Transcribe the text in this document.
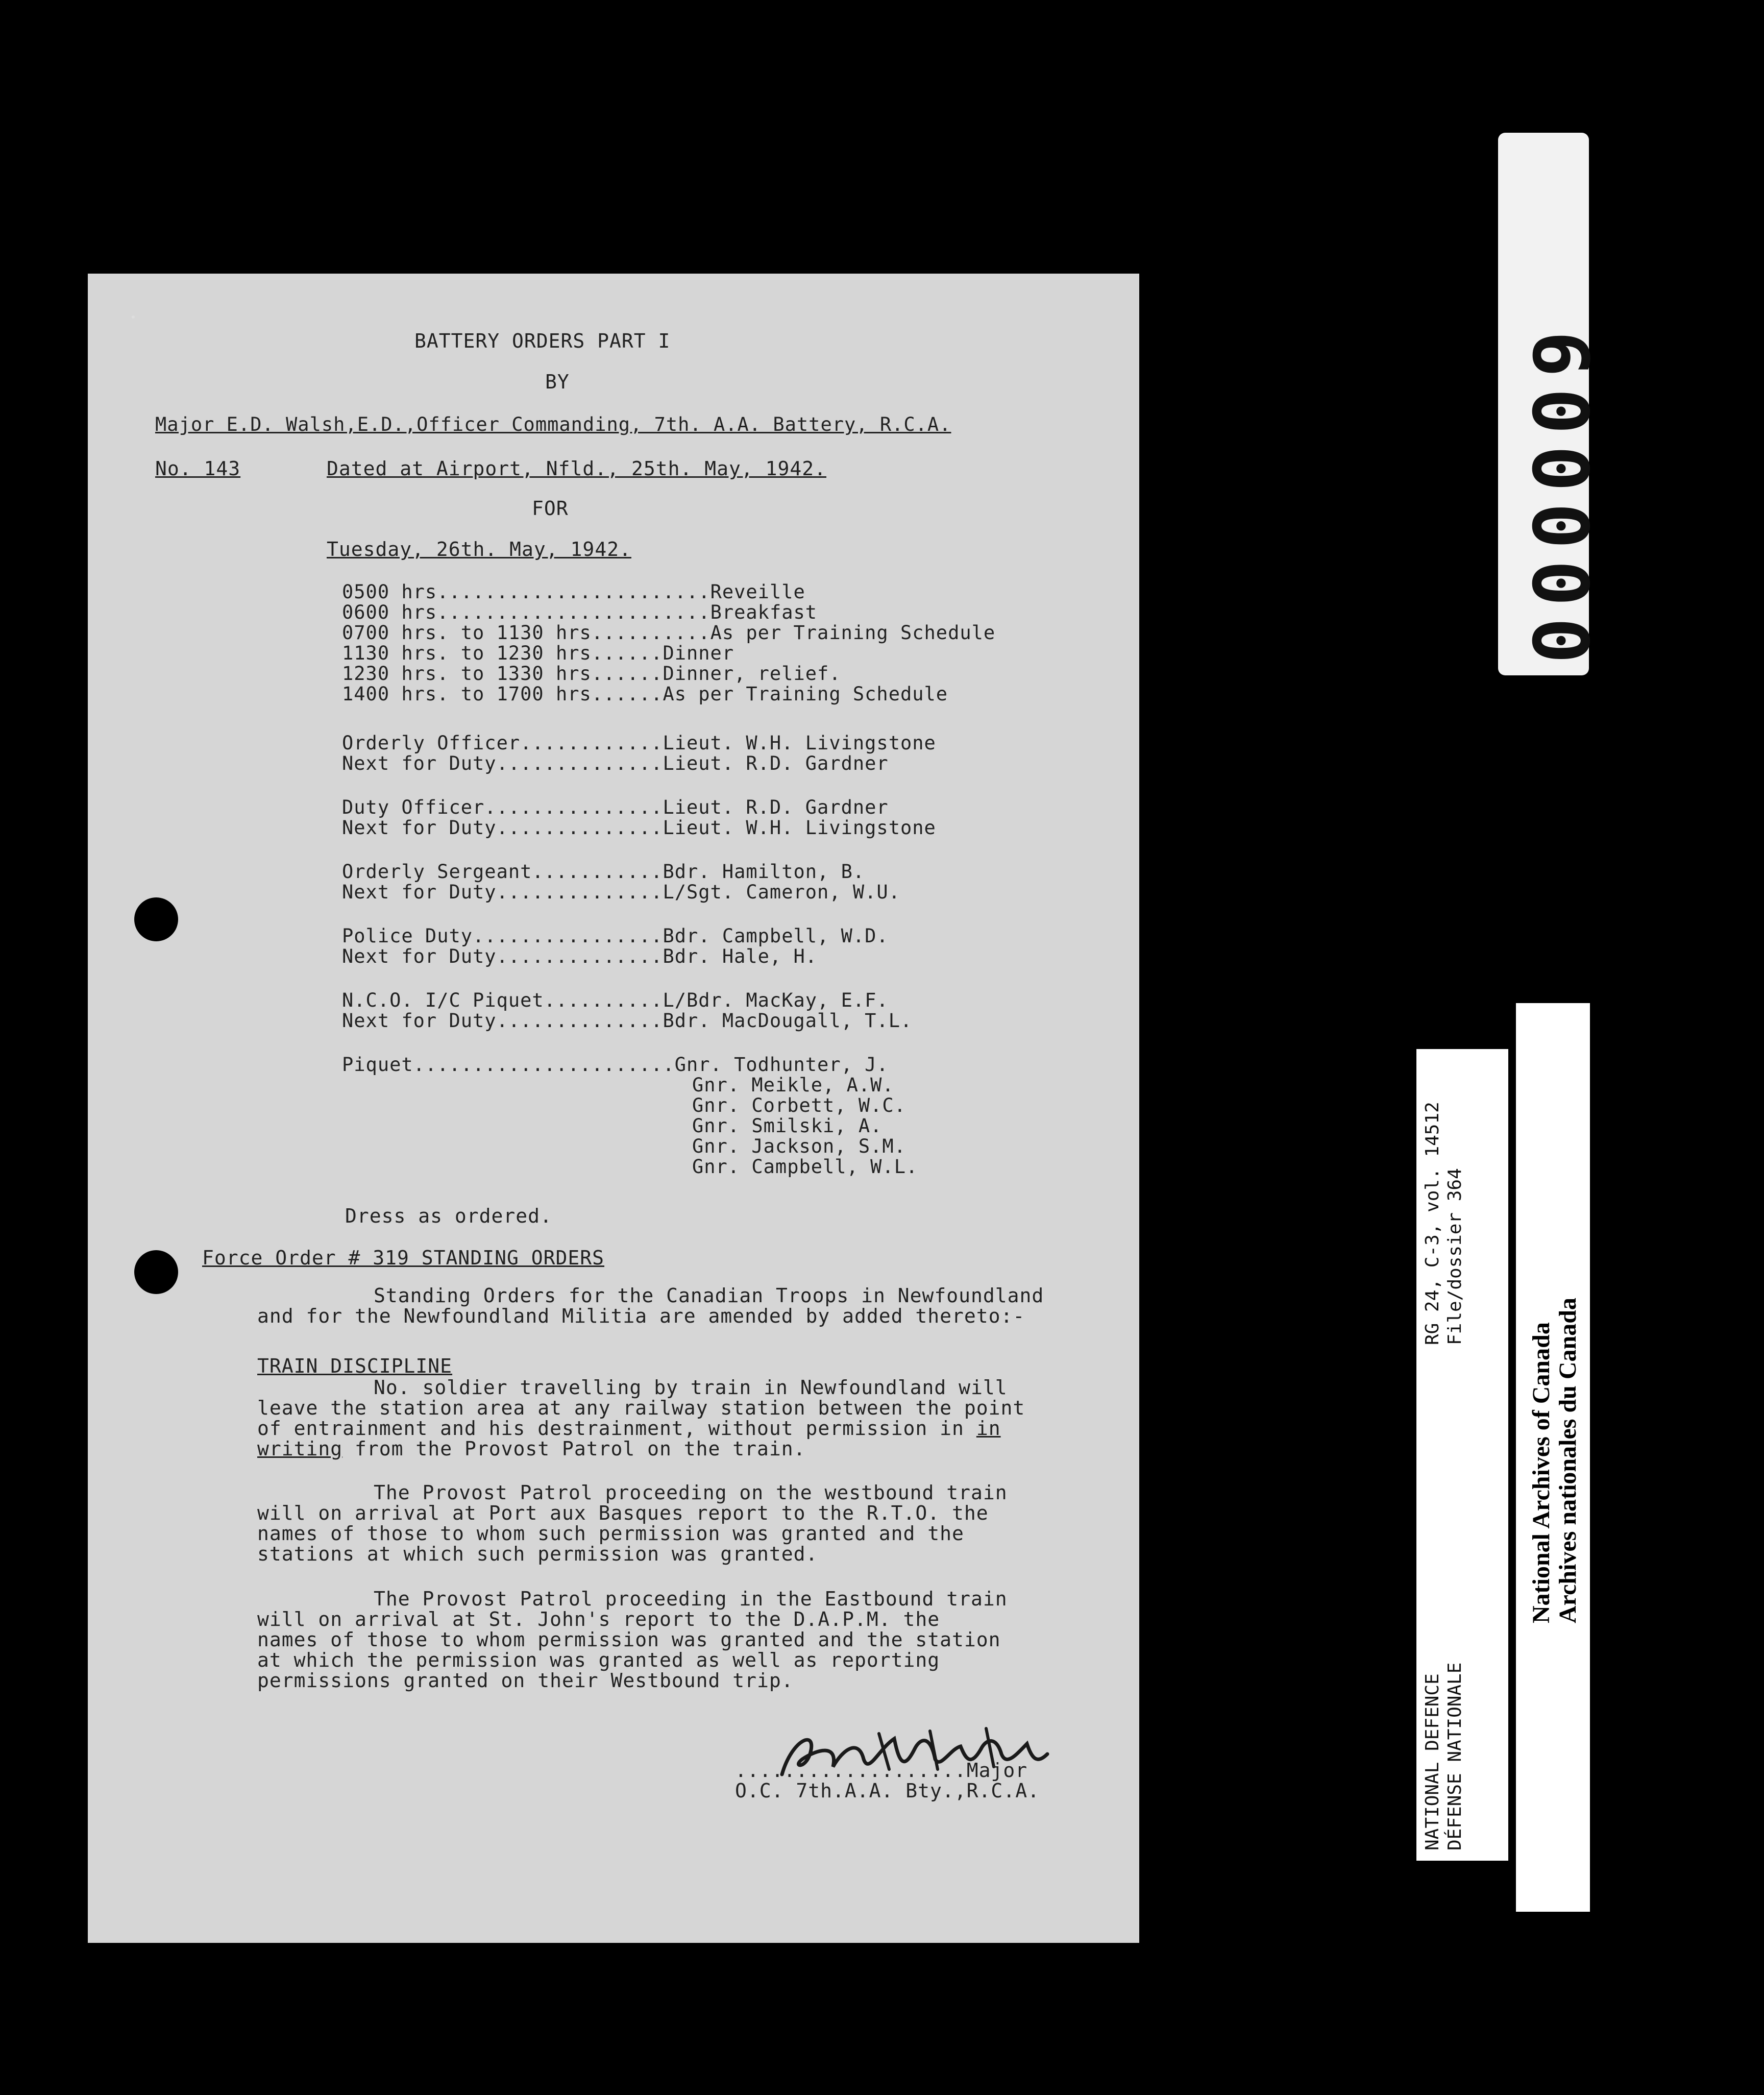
BATTERY ORDERS PART I
BY
Major E.D. Walsh,E.D.,Officer Commanding, 7th. A.A. Battery, R.C.A.
No. 143	Dated at Airport, Nfld., 25th. May, 1942.
FOR
Tuesday, 26th. May, 1942.
0500 hrs.......................Reveille
0600 hrs.......................Breakfast
0700 hrs. to 1130 hrs..........As per Training Schedule
1130 hrs. to 1230 hrs......Dinner
1230 hrs. to 1330 hrs......Dinner, relief.
1400 hrs. to 1700 hrs......As per Training Schedule
Orderly Officer............Lieut. W.H. Livingstone
Next for Duty..............Lieut. R.D. Gardner
Duty Officer...............Lieut. R.D. Gardner
Next for Duty..............Lieut. W.H. Livingstone
Orderly Sergeant...........Bdr. Hamilton, B.
Next for Duty..............L/Sgt. Cameron, W.U.
Police Duty................Bdr. Campbell, W.D.
Next for Duty..............Bdr. Hale, H.
N.C.O. I/C Piquet..........L/Bdr. MacKay, E.F.
Next for Duty..............Bdr. MacDougall, T.L.
Piquet......................Gnr. Todhunter, J.
Gnr. Meikle, A.W.
Gnr. Corbett, W.C.
Gnr. Smilski, A.
Gnr. Jackson, S.M.
Gnr. Campbell, W.L.
Dress as ordered.
Force Order # 319 STANDING ORDERS
Standing Orders for the Canadian Troops in Newfoundland
and for the Newfoundland Militia are amended by added thereto:-
TRAIN DISCIPLINE
No. soldier travelling by train in Newfoundland will
leave the station area at any railway station between the point
of entrainment and his destrainment, without permission in in
writing from the Provost Patrol on the train.
The Provost Patrol proceeding on the westbound train
will on arrival at Port aux Basques report to the R.T.O. the
names of those to whom such permission was granted and the
stations at which such permission was granted.
The Provost Patrol proceeding in the Eastbound train
will on arrival at St. John's report to the D.A.P.M. the
names of those to whom permission was granted and the station
at which the permission was granted as well as reporting
permissions granted on their Westbound trip.
...................Major
O.C. 7th.A.A. Bty.,R.C.A.
000009
RG 24, C-3, vol. 14512 File/dossier 364
NATIONAL DEFENCE DÉFENSE NATIONALE
National Archives of Canada Archives nationales du Canada
